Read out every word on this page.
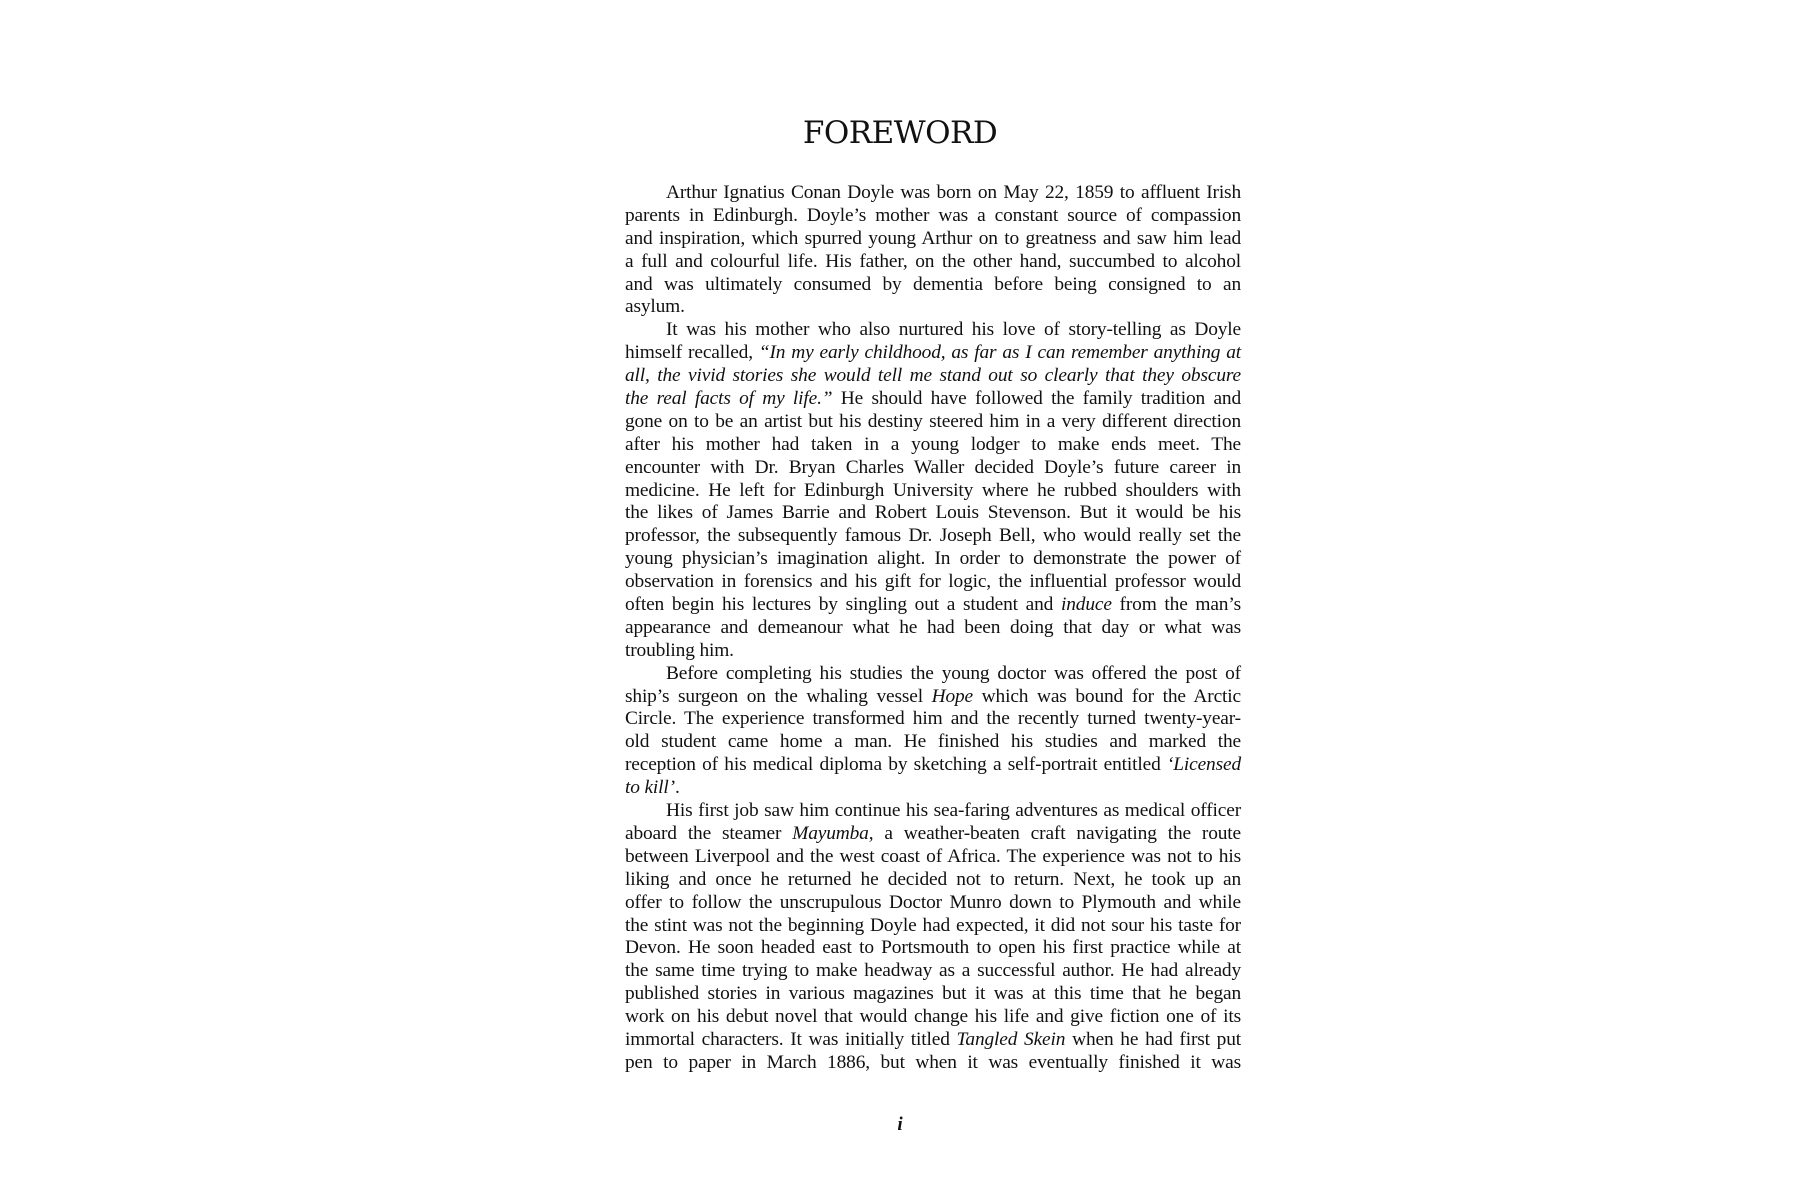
FOREWORD
Arthur Ignatius Conan Doyle was born on May 22, 1859 to affluent Irish
parents in Edinburgh. Doyle’s mother was a constant source of compassion
and inspiration, which spurred young Arthur on to greatness and saw him lead
a full and colourful life. His father, on the other hand, succumbed to alcohol
and was ultimately consumed by dementia before being consigned to an
asylum.
It was his mother who also nurtured his love of story-telling as Doyle
himself recalled, “In my early childhood, as far as I can remember anything at
all, the vivid stories she would tell me stand out so clearly that they obscure
the real facts of my life.” He should have followed the family tradition and
gone on to be an artist but his destiny steered him in a very different direction
after his mother had taken in a young lodger to make ends meet. The
encounter with Dr. Bryan Charles Waller decided Doyle’s future career in
medicine. He left for Edinburgh University where he rubbed shoulders with
the likes of James Barrie and Robert Louis Stevenson. But it would be his
professor, the subsequently famous Dr. Joseph Bell, who would really set the
young physician’s imagination alight. In order to demonstrate the power of
observation in forensics and his gift for logic, the influential professor would
often begin his lectures by singling out a student and induce from the man’s
appearance and demeanour what he had been doing that day or what was
troubling him.
Before completing his studies the young doctor was offered the post of
ship’s surgeon on the whaling vessel Hope which was bound for the Arctic
Circle. The experience transformed him and the recently turned twenty-year-
old student came home a man. He finished his studies and marked the
reception of his medical diploma by sketching a self-portrait entitled ‘Licensed
to kill’.
His first job saw him continue his sea-faring adventures as medical officer
aboard the steamer Mayumba, a weather-beaten craft navigating the route
between Liverpool and the west coast of Africa. The experience was not to his
liking and once he returned he decided not to return. Next, he took up an
offer to follow the unscrupulous Doctor Munro down to Plymouth and while
the stint was not the beginning Doyle had expected, it did not sour his taste for
Devon. He soon headed east to Portsmouth to open his first practice while at
the same time trying to make headway as a successful author. He had already
published stories in various magazines but it was at this time that he began
work on his debut novel that would change his life and give fiction one of its
immortal characters. It was initially titled Tangled Skein when he had first put
pen to paper in March 1886, but when it was eventually finished it was

i
